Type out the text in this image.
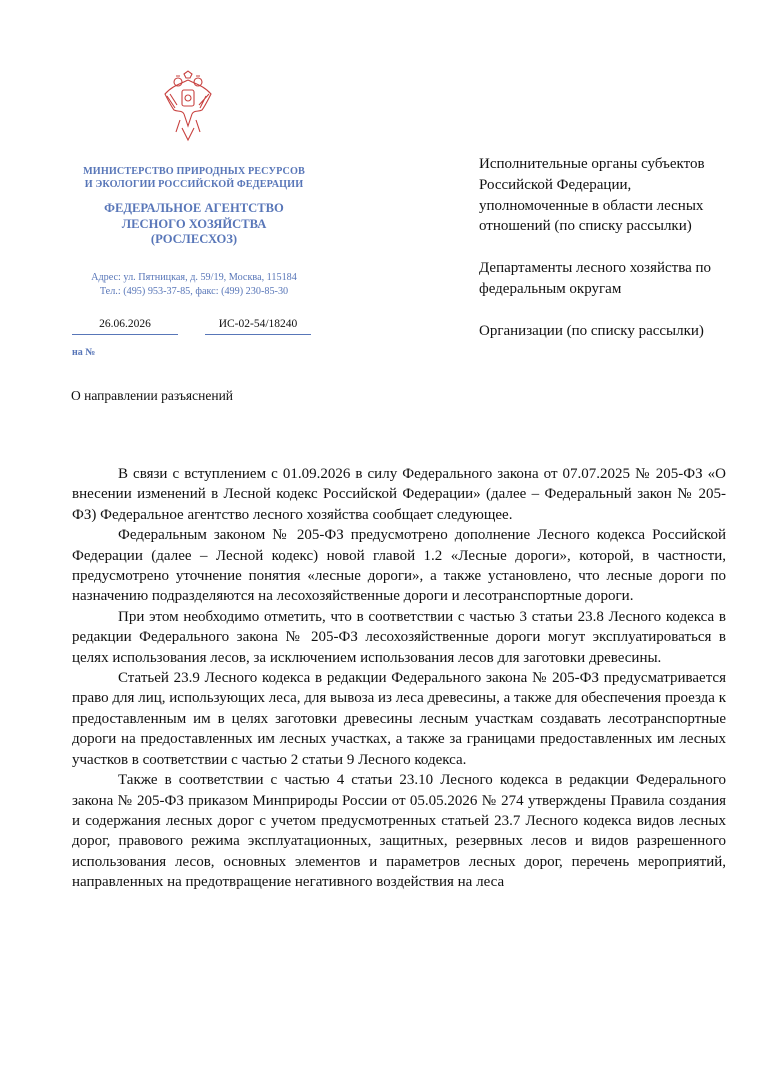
МИНИСТЕРСТВО ПРИРОДНЫХ РЕСУРСОВ
И ЭКОЛОГИИ РОССИЙСКОЙ ФЕДЕРАЦИИ
ФЕДЕРАЛЬНОЕ АГЕНТСТВО
ЛЕСНОГО ХОЗЯЙСТВА
(РОСЛЕСХОЗ)
Адрес: ул. Пятницкая, д. 59/19, Москва, 115184
Тел.: (495) 953-37-85, факс: (499) 230-85-30
26.06.2026	ИС-02-54/18240
на №
О направлении разъяснений

Исполнительные органы субъектов Российской Федерации, уполномоченные в области лесных отношений (по списку рассылки)

Департаменты лесного хозяйства по федеральным округам

Организации (по списку рассылки)

В связи с вступлением с 01.09.2026 в силу Федерального закона от 07.07.2025 № 205-ФЗ «О внесении изменений в Лесной кодекс Российской Федерации» (далее – Федеральный закон № 205-ФЗ) Федеральное агентство лесного хозяйства сообщает следующее.

Федеральным законом № 205-ФЗ предусмотрено дополнение Лесного кодекса Российской Федерации (далее – Лесной кодекс) новой главой 1.2 «Лесные дороги», которой, в частности, предусмотрено уточнение понятия «лесные дороги», а также установлено, что лесные дороги по назначению подразделяются на лесохозяйственные дороги и лесотранспортные дороги.

При этом необходимо отметить, что в соответствии с частью 3 статьи 23.8 Лесного кодекса в редакции Федерального закона № 205-ФЗ лесохозяйственные дороги могут эксплуатироваться в целях использования лесов, за исключением использования лесов для заготовки древесины.

Статьей 23.9 Лесного кодекса в редакции Федерального закона № 205-ФЗ предусматривается право для лиц, использующих леса, для вывоза из леса древесины, а также для обеспечения проезда к предоставленным им в целях заготовки древесины лесным участкам создавать лесотранспортные дороги на предоставленных им лесных участках, а также за границами предоставленных им лесных участков в соответствии с частью 2 статьи 9 Лесного кодекса.

Также в соответствии с частью 4 статьи 23.10 Лесного кодекса в редакции Федерального закона № 205-ФЗ приказом Минприроды России от 05.05.2026 № 274 утверждены Правила создания и содержания лесных дорог с учетом предусмотренных статьей 23.7 Лесного кодекса видов лесных дорог, правового режима эксплуатационных, защитных, резервных лесов и видов разрешенного использования лесов, основных элементов и параметров лесных дорог, перечень мероприятий, направленных на предотвращение негативного воздействия на леса
